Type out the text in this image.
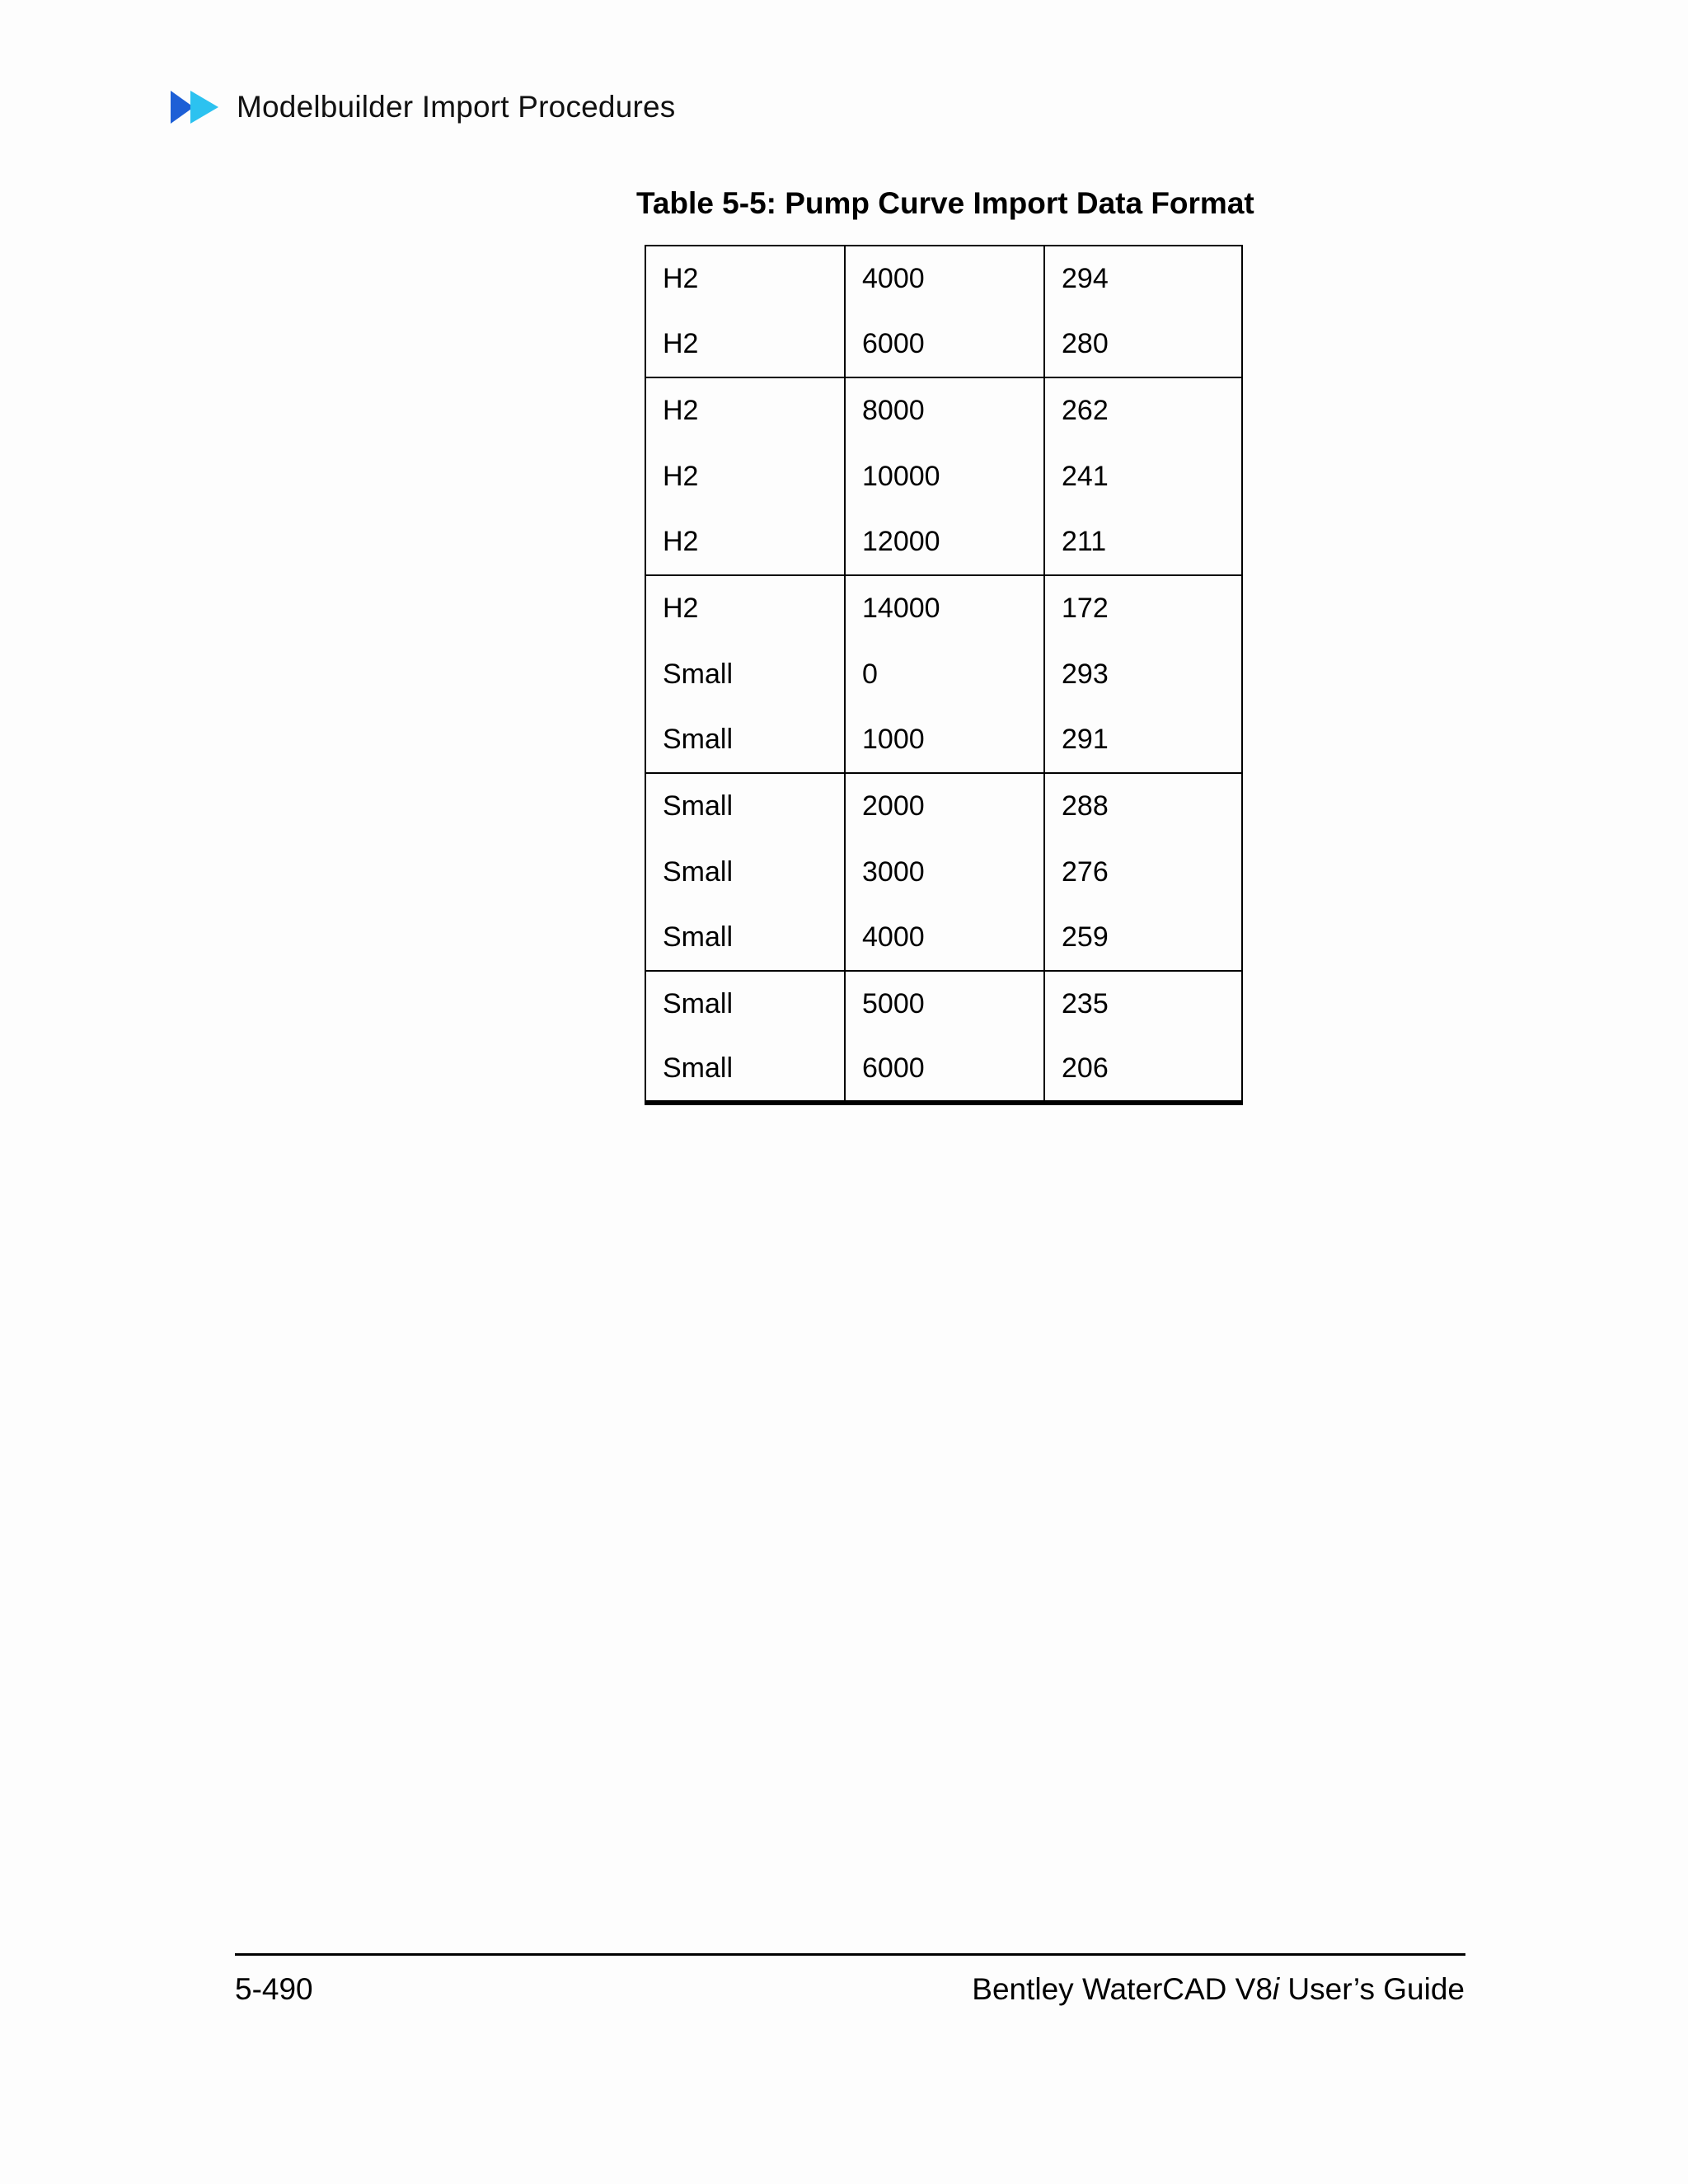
Modelbuilder Import Procedures
Table 5-5: Pump Curve Import Data Format
H2	4000	294
H2	6000	280
H2	8000	262
H2	10000	241
H2	12000	211
H2	14000	172
Small	0	293
Small	1000	291
Small	2000	288
Small	3000	276
Small	4000	259
Small	5000	235
Small	6000	206
5-490	Bentley WaterCAD V8i User’s Guide
